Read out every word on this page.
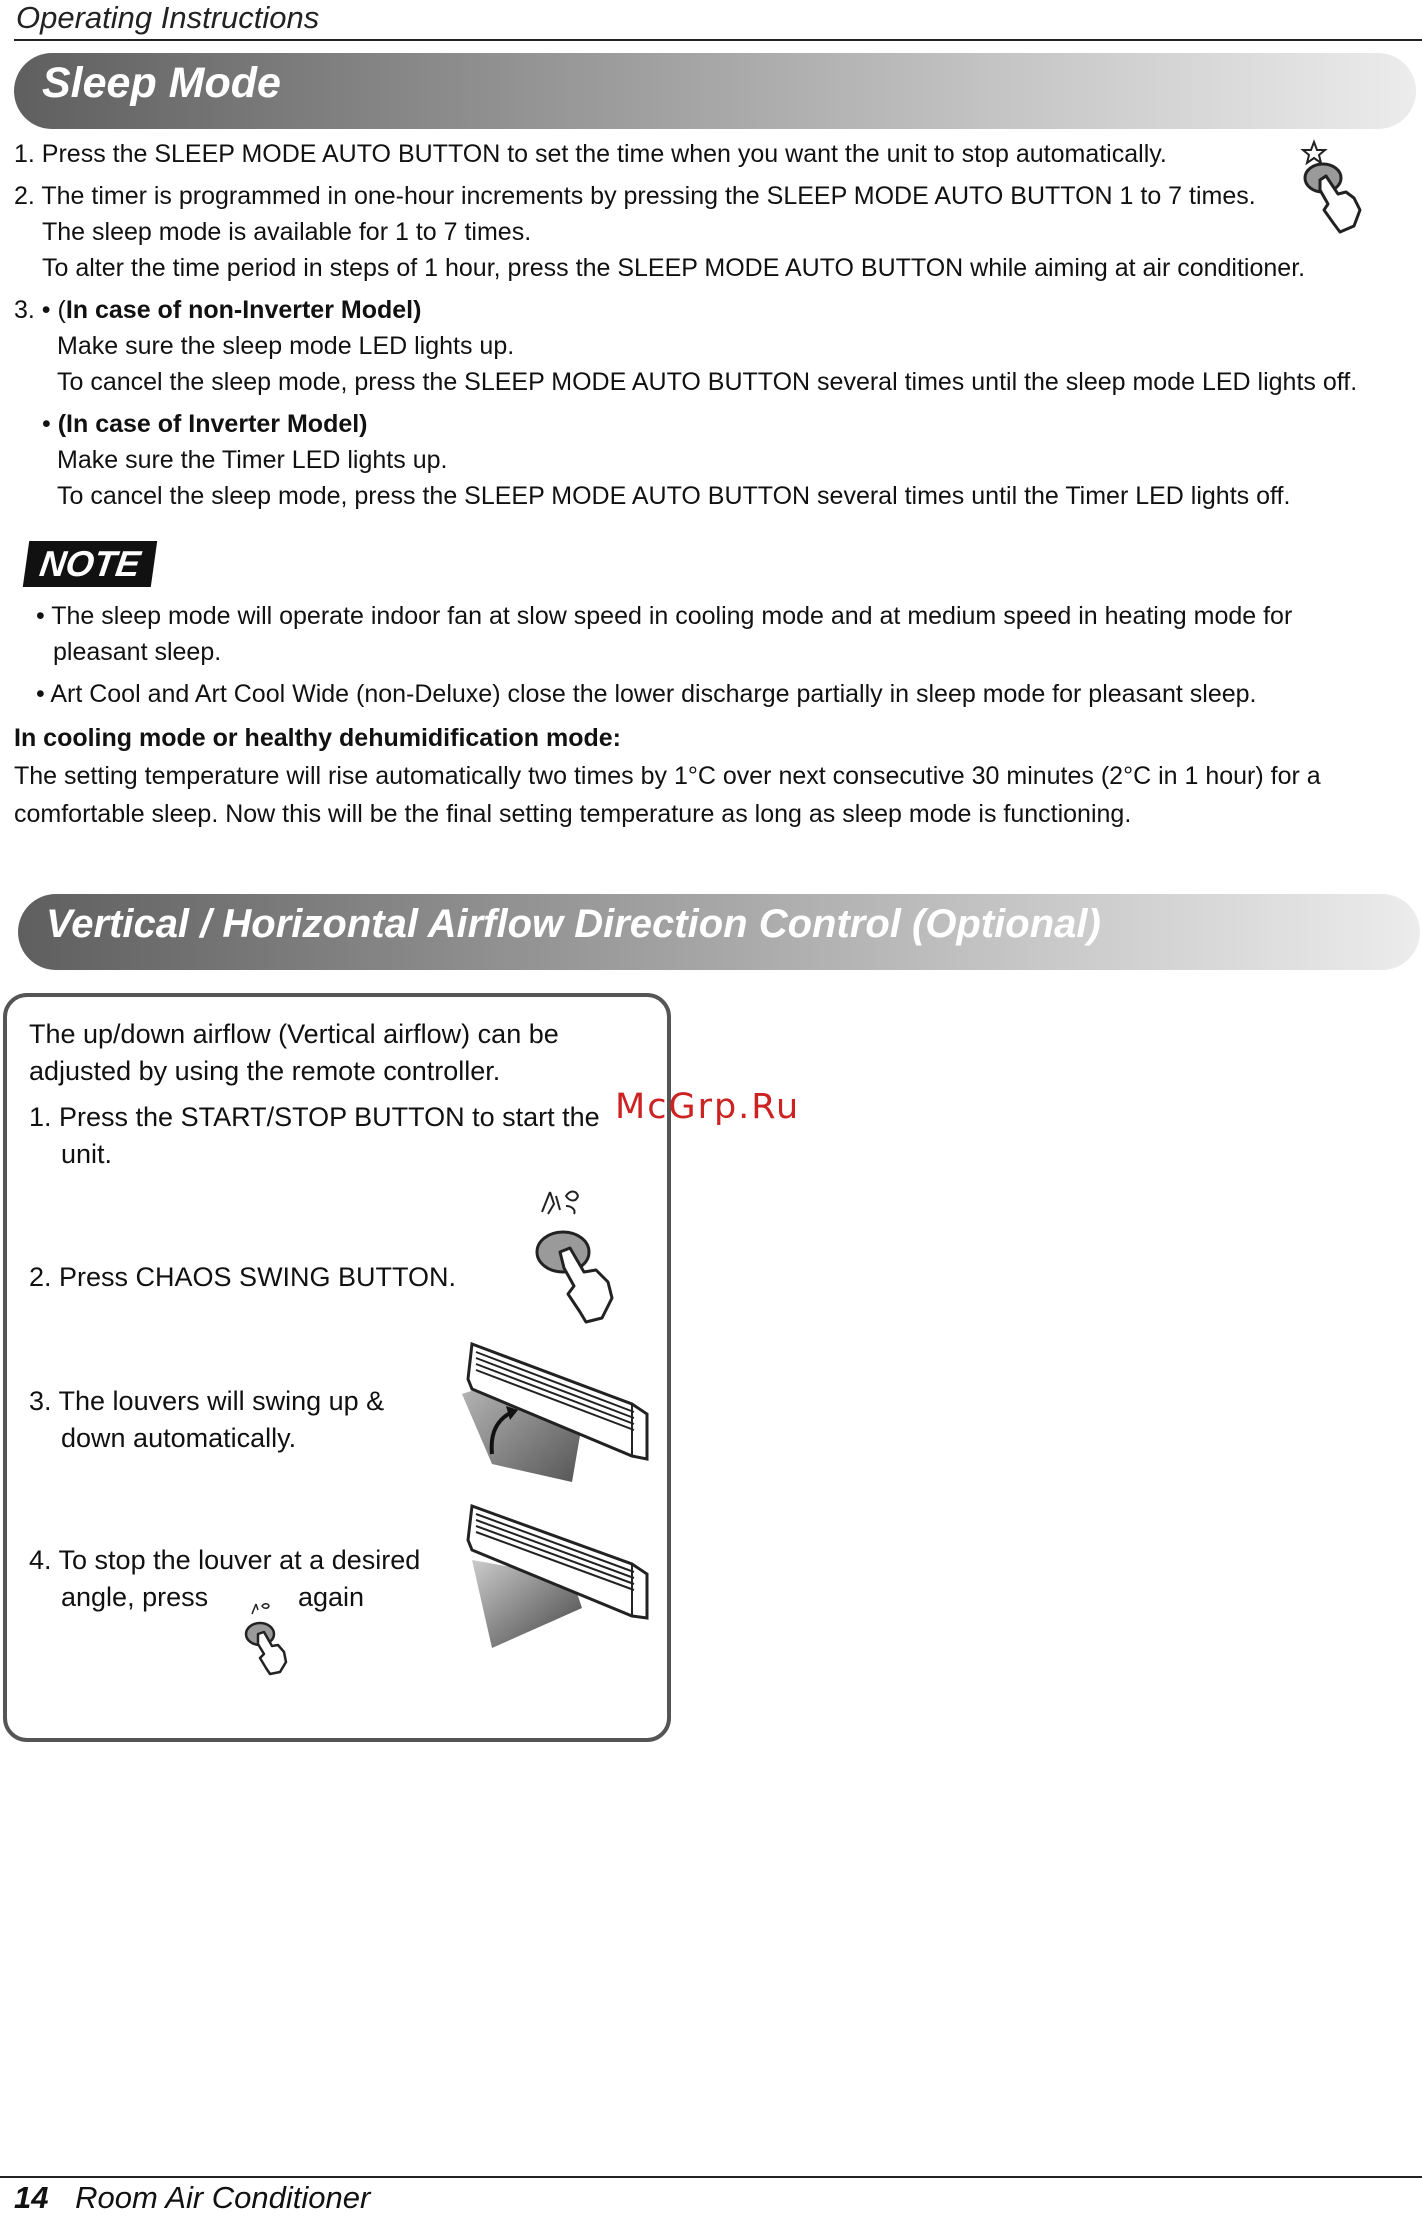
Operating Instructions
Sleep Mode
1. Press the SLEEP MODE AUTO BUTTON to set the time when you want the unit to stop automatically.
2. The timer is programmed in one-hour increments by pressing the SLEEP MODE AUTO BUTTON 1 to 7 times.
The sleep mode is available for 1 to 7 times.
To alter the time period in steps of 1 hour, press the SLEEP MODE AUTO BUTTON while aiming at air conditioner.
3. • (In case of non-Inverter Model)
Make sure the sleep mode LED lights up.
To cancel the sleep mode, press the SLEEP MODE AUTO BUTTON several times until the sleep mode LED lights off.
• (In case of Inverter Model)
Make sure the Timer LED lights up.
To cancel the sleep mode, press the SLEEP MODE AUTO BUTTON several times until the Timer LED lights off.
NOTE
• The sleep mode will operate indoor fan at slow speed in cooling mode and at medium speed in heating mode for
pleasant sleep.
• Art Cool and Art Cool Wide (non-Deluxe) close the lower discharge partially in sleep mode for pleasant sleep.
In cooling mode or healthy dehumidification mode:
The setting temperature will rise automatically two times by 1°C over next consecutive 30 minutes (2°C in 1 hour) for a
comfortable sleep. Now this will be the final setting temperature as long as sleep mode is functioning.
Vertical / Horizontal Airflow Direction Control (Optional)
The up/down airflow (Vertical airflow) can be
adjusted by using the remote controller.
1. Press the START/STOP BUTTON to start the
unit.
2. Press CHAOS SWING BUTTON.
3. The louvers will swing up &
down automatically.
4. To stop the louver at a desired
angle, press	again
McGrp.Ru
14 Room Air Conditioner
